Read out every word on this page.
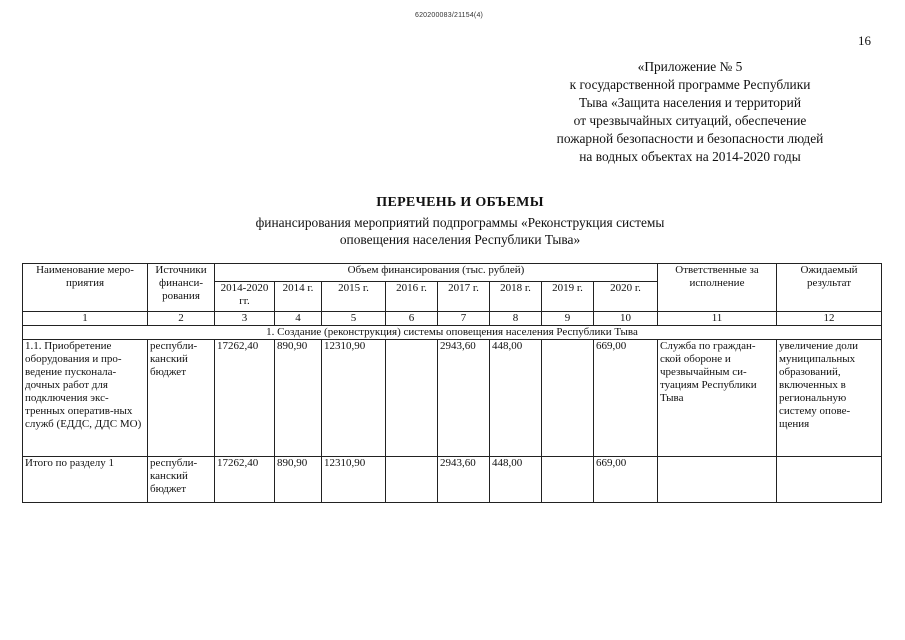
620200083/21154(4)
16
«Приложение № 5
к государственной программе Республики
Тыва «Защита населения и территорий
от чрезвычайных ситуаций, обеспечение
пожарной безопасности и безопасности людей
на водных объектах на 2014-2020 годы
ПЕРЕЧЕНЬ И ОБЪЕМЫ
финансирования мероприятий подпрограммы «Реконструкция системы
оповещения населения Республики Тыва»
Наименование меро-приятия	Источники финанси-рования	Объем финансирования (тыс. рублей)								Ответственные за исполнение	Ожидаемый результат
		2014-2020 гг.	2014 г.	2015 г.	2016 г.	2017 г.	2018 г.	2019 г.	2020 г.		
1	2	3	4	5	6	7	8	9	10	11	12
1. Создание (реконструкция) системы оповещения населения Республики Тыва											
1.1. Приобретение оборудования и про-ведение пусконала-дочных работ для подключения экс-тренных оператив-ных служб (ЕДДС, ДДС МО)	республи-канский бюджет	17262,40	890,90	12310,90		2943,60	448,00		669,00	Служба по граждан-ской обороне и чрезвычайным си-туациям Республики Тыва	увеличение доли муниципальных образований, включенных в региональную систему опове-щения
Итого по разделу 1	республи-канский бюджет	17262,40	890,90	12310,90		2943,60	448,00		669,00		
